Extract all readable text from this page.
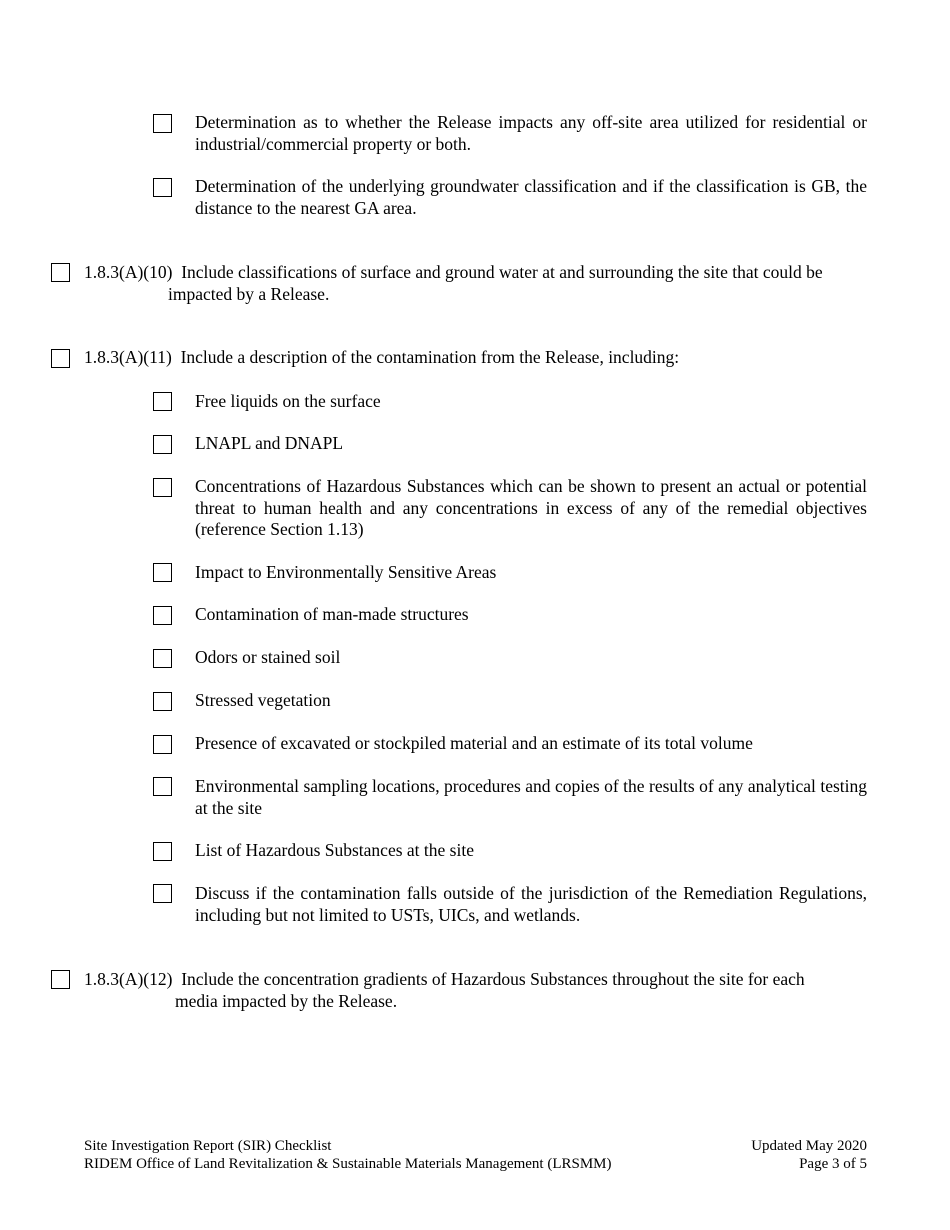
Determination as to whether the Release impacts any off-site area utilized for residential or industrial/commercial property or both.
Determination of the underlying groundwater classification and if the classification is GB, the distance to the nearest GA area.
1.8.3(A)(10) Include classifications of surface and ground water at and surrounding the site that could be
impacted by a Release.
1.8.3(A)(11) Include a description of the contamination from the Release, including:
Free liquids on the surface
LNAPL and DNAPL
Concentrations of Hazardous Substances which can be shown to present an actual or potential threat to human health and any concentrations in excess of any of the remedial objectives (reference Section 1.13)
Impact to Environmentally Sensitive Areas
Contamination of man-made structures
Odors or stained soil
Stressed vegetation
Presence of excavated or stockpiled material and an estimate of its total volume
Environmental sampling locations, procedures and copies of the results of any analytical testing at the site
List of Hazardous Substances at the site
Discuss if the contamination falls outside of the jurisdiction of the Remediation Regulations, including but not limited to USTs, UICs, and wetlands.
1.8.3(A)(12) Include the concentration gradients of Hazardous Substances throughout the site for each
media impacted by the Release.
Site Investigation Report (SIR) Checklist	Updated May 2020
RIDEM Office of Land Revitalization & Sustainable Materials Management (LRSMM)	Page 3 of 5
